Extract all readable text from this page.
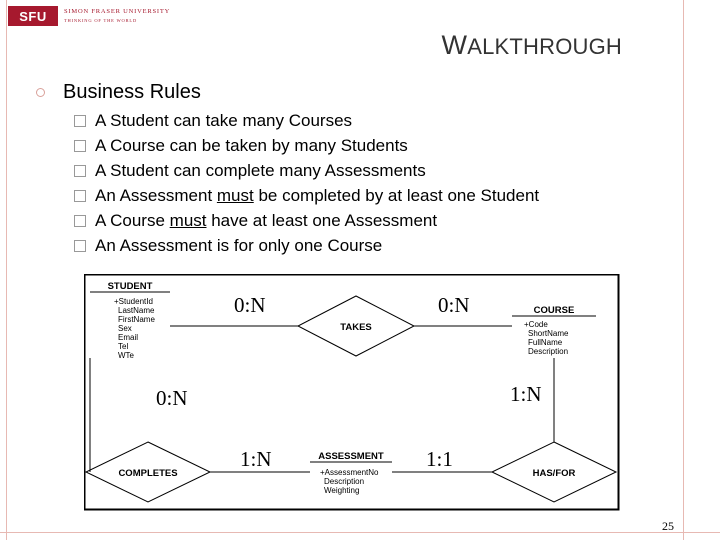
SFU	SIMON FRASER UNIVERSITY
THINKING OF THE WORLD
WALKTHROUGH
Business Rules
A Student can take many Courses
A Course can be taken by many Students
A Student can complete many Assessments
An Assessment must be completed by at least one Student
A Course must have at least one Assessment
An Assessment is for only one Course
STUDENT
+StudentId
LastName
FirstName
Sex
Email
Tel
WTe
COURSE
+Code
ShortName
FullName
Description
ASSESSMENT
+AssessmentNo
Description
Weighting
TAKES
COMPLETES	HAS/FOR
0:N	0:N
0:N	1:N
1:N	1:1
25
